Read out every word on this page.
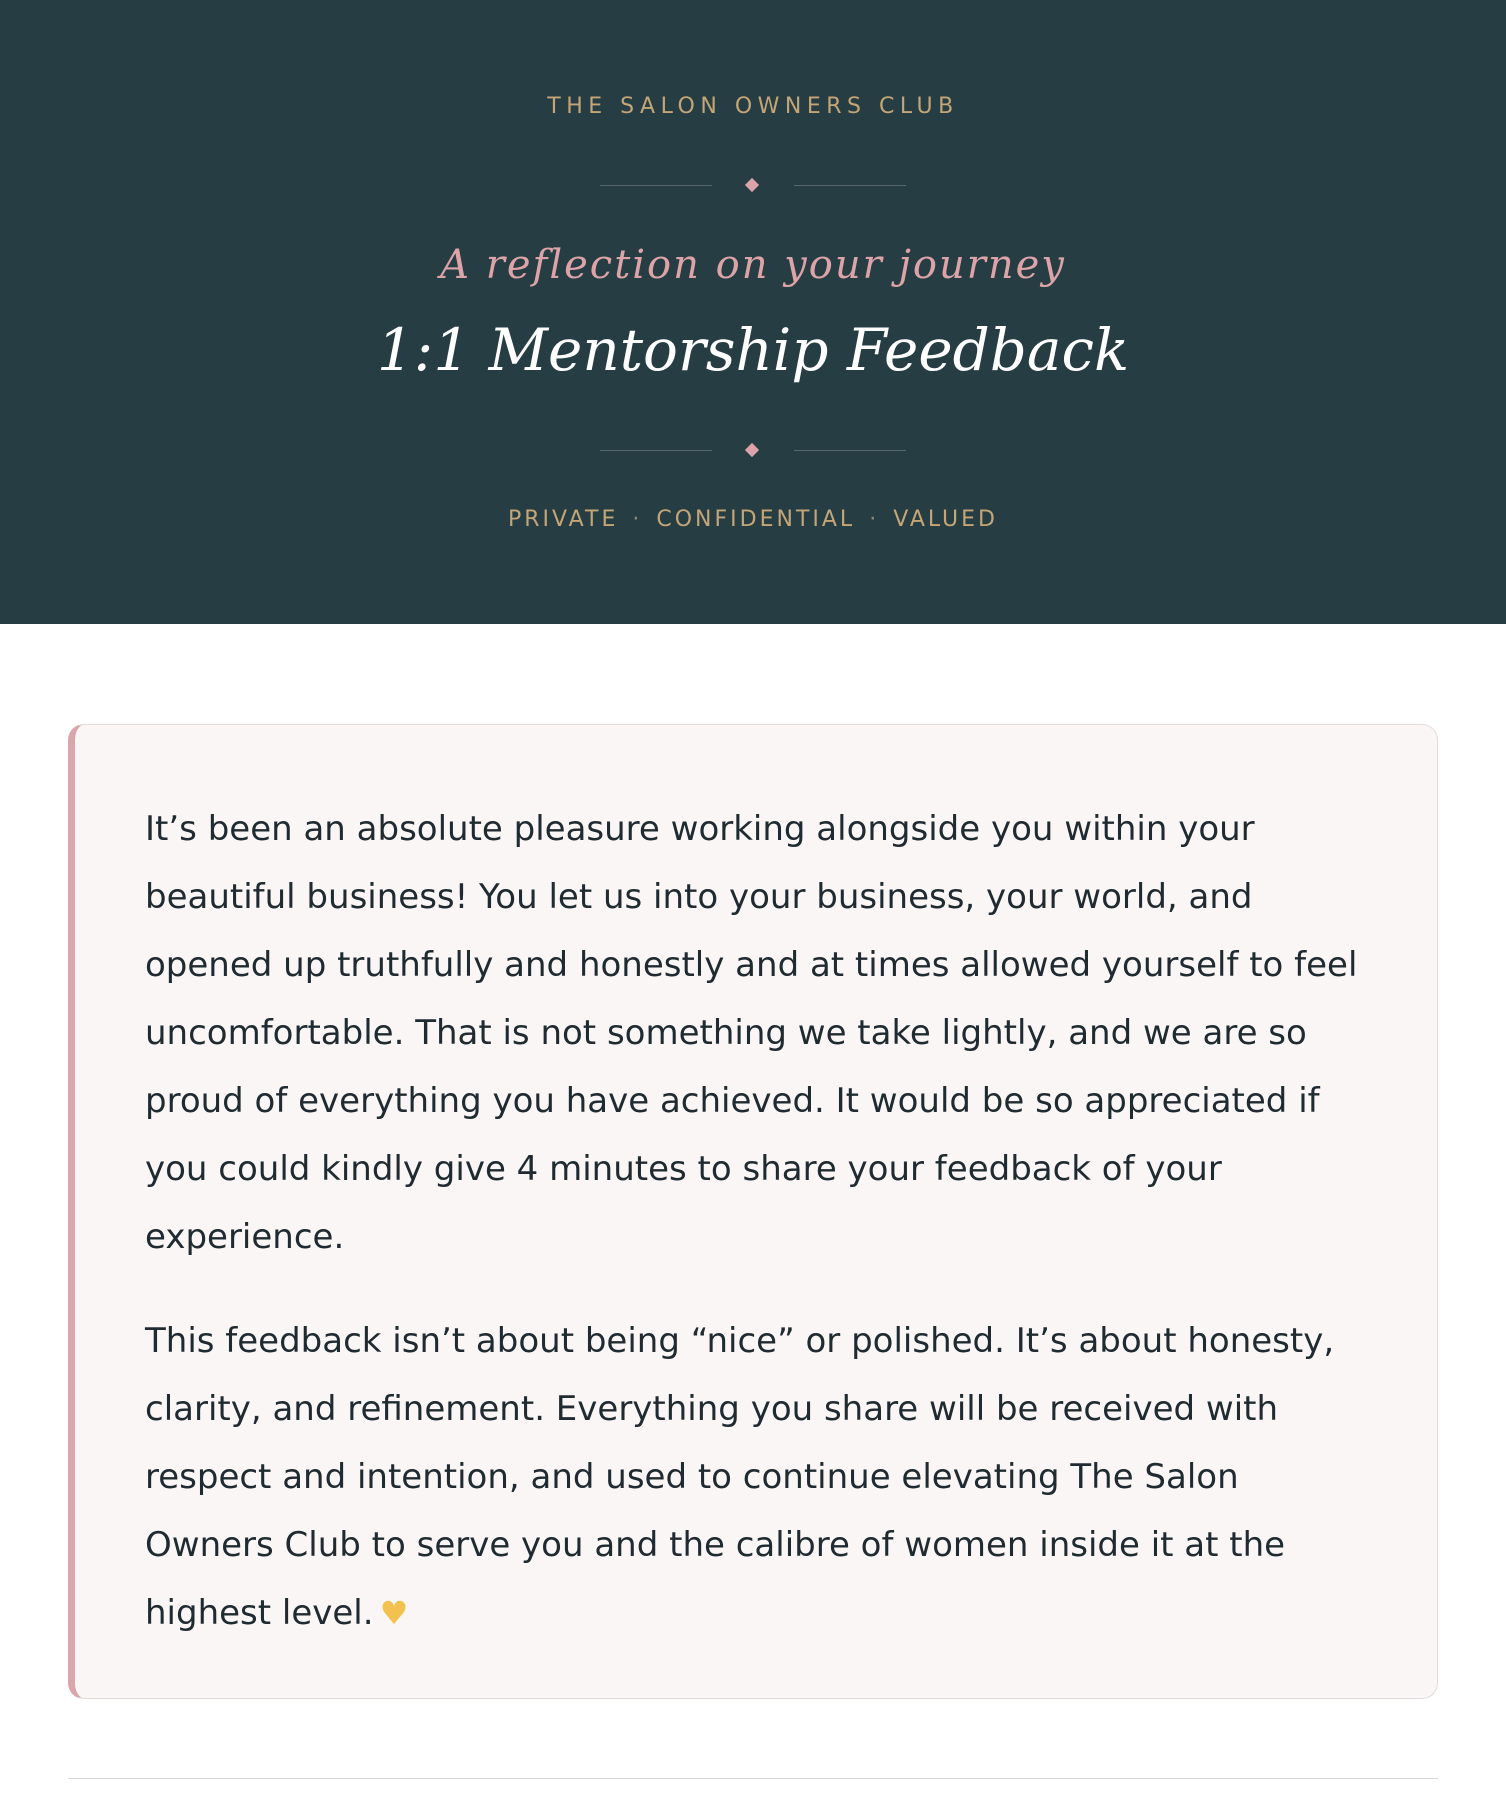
THE SALON OWNERS CLUB
A reflection on your journey
1:1 Mentorship Feedback
PRIVATE · CONFIDENTIAL · VALUED

It’s been an absolute pleasure working alongside you within your beautiful business! You let us into your business, your world, and opened up truthfully and honestly and at times allowed yourself to feel uncomfortable. That is not something we take lightly, and we are so proud of everything you have achieved. It would be so appreciated if you could kindly give 4 minutes to share your feedback of your experience.

This feedback isn’t about being “nice” or polished. It’s about honesty, clarity, and refinement. Everything you share will be received with respect and intention, and used to continue elevating The Salon Owners Club to serve you and the calibre of women inside it at the highest level. ♥
